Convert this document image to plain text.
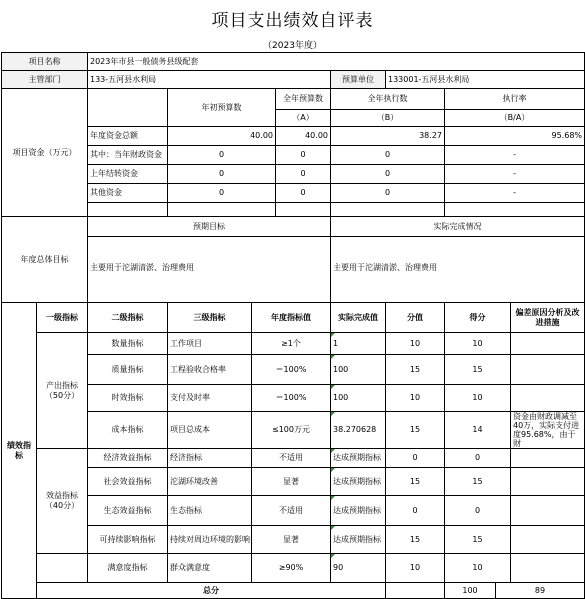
项目支出绩效自评表
（2023年度）
项目名称		2023年市县一般债务县级配套									
主管部门		133-五河县水利局				预算单位	133001-五河县水利局				
项目资金（万元）			年初预算数		全年预算数	全年执行数		执行率			
					（A）	（B）		（B/A）			
		年度资金总额	40.00		40.00	38.27		95.68%			
		其中：当年财政资金	0		0	0		-			
		上年结转资金	0		0	0		-			
		其他资金	0		0	0		-			

年度总体目标		预期目标				实际完成情况					

		主要用于沱湖清淤、治理费用				主要用于沱湖清淤、治理费用					
绩效指标	一级指标	二级指标	三级指标	年度指标值		实际完成值	分值	得分		偏差原因分析及改进措施	
	产出指标（50分）	数量指标	工作项目	≥1个		1	10	10			
		质量指标	工程验收合格率	＝100%		100	15	15			
		时效指标	支付及时率	＝100%		100	10	10			
		成本指标	项目总成本	≤100万元		38.270628	15	14		资金由财政调减至40万，实际支付进度95.68%，由于财	
	效益指标（40分）	经济效益指标	经济指标	不适用		达成预期指标	0	0			
		社会效益指标	沱湖环境改善	显著		达成预期指标	15	15			
		生态效益指标	生态指标	不适用		达成预期指标	0	0			
		可持续影响指标	持续对周边环境的影响	显著		达成预期指标	15	15			
		满意度指标	群众满意度	≥90%		90	10	10			
	总分							100	89		
